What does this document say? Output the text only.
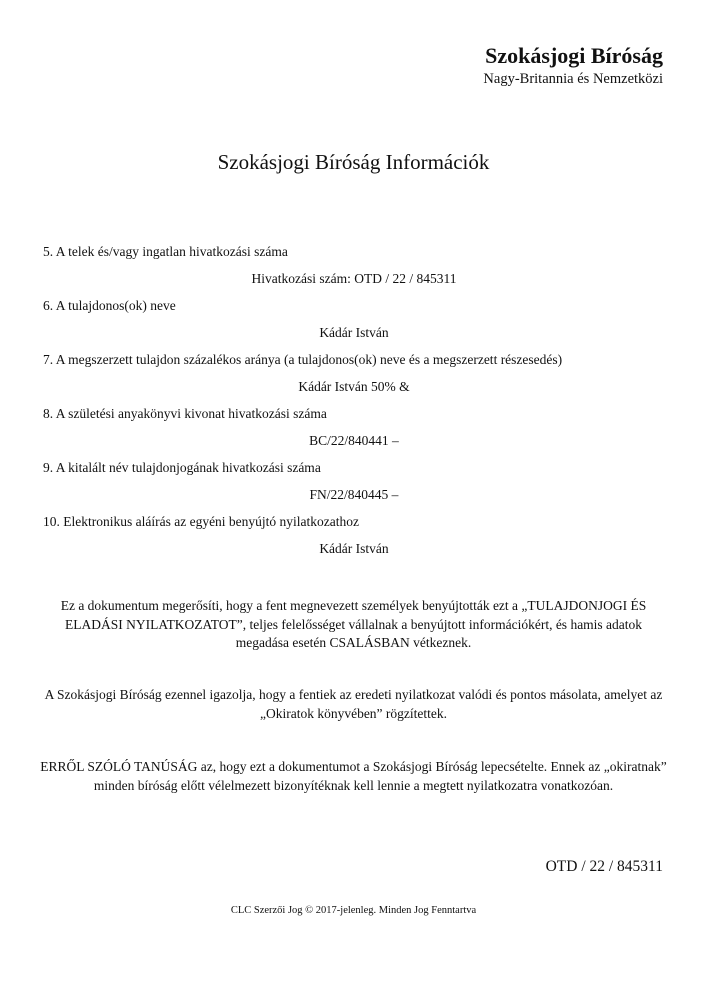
Szokásjogi Bíróság
Nagy-Britannia és Nemzetközi
Szokásjogi Bíróság Információk
5. A telek és/vagy ingatlan hivatkozási száma
Hivatkozási szám: OTD / 22 / 845311
6. A tulajdonos(ok) neve
Kádár István
7. A megszerzett tulajdon százalékos aránya (a tulajdonos(ok) neve és a megszerzett részesedés)
Kádár István 50% &
8. A születési anyakönyvi kivonat hivatkozási száma
BC/22/840441 –
9. A kitalált név tulajdonjogának hivatkozási száma
FN/22/840445 –
10. Elektronikus aláírás az egyéni benyújtó nyilatkozathoz
Kádár István
Ez a dokumentum megerősíti, hogy a fent megnevezett személyek benyújtották ezt a „TULAJDONJOGI ÉS ELADÁSI NYILATKOZATOT”, teljes felelősséget vállalnak a benyújtott információkért, és hamis adatok megadása esetén CSALÁSBAN vétkeznek.
A Szokásjogi Bíróság ezennel igazolja, hogy a fentiek az eredeti nyilatkozat valódi és pontos másolata, amelyet az „Okiratok könyvében” rögzítettek.
ERRŐL SZÓLÓ TANÚSÁG az, hogy ezt a dokumentumot a Szokásjogi Bíróság lepecsételte. Ennek az „okiratnak” minden bíróság előtt vélelmezett bizonyítéknak kell lennie a megtett nyilatkozatra vonatkozóan.
OTD / 22 / 845311
CLC Szerzői Jog © 2017-jelenleg. Minden Jog Fenntartva
